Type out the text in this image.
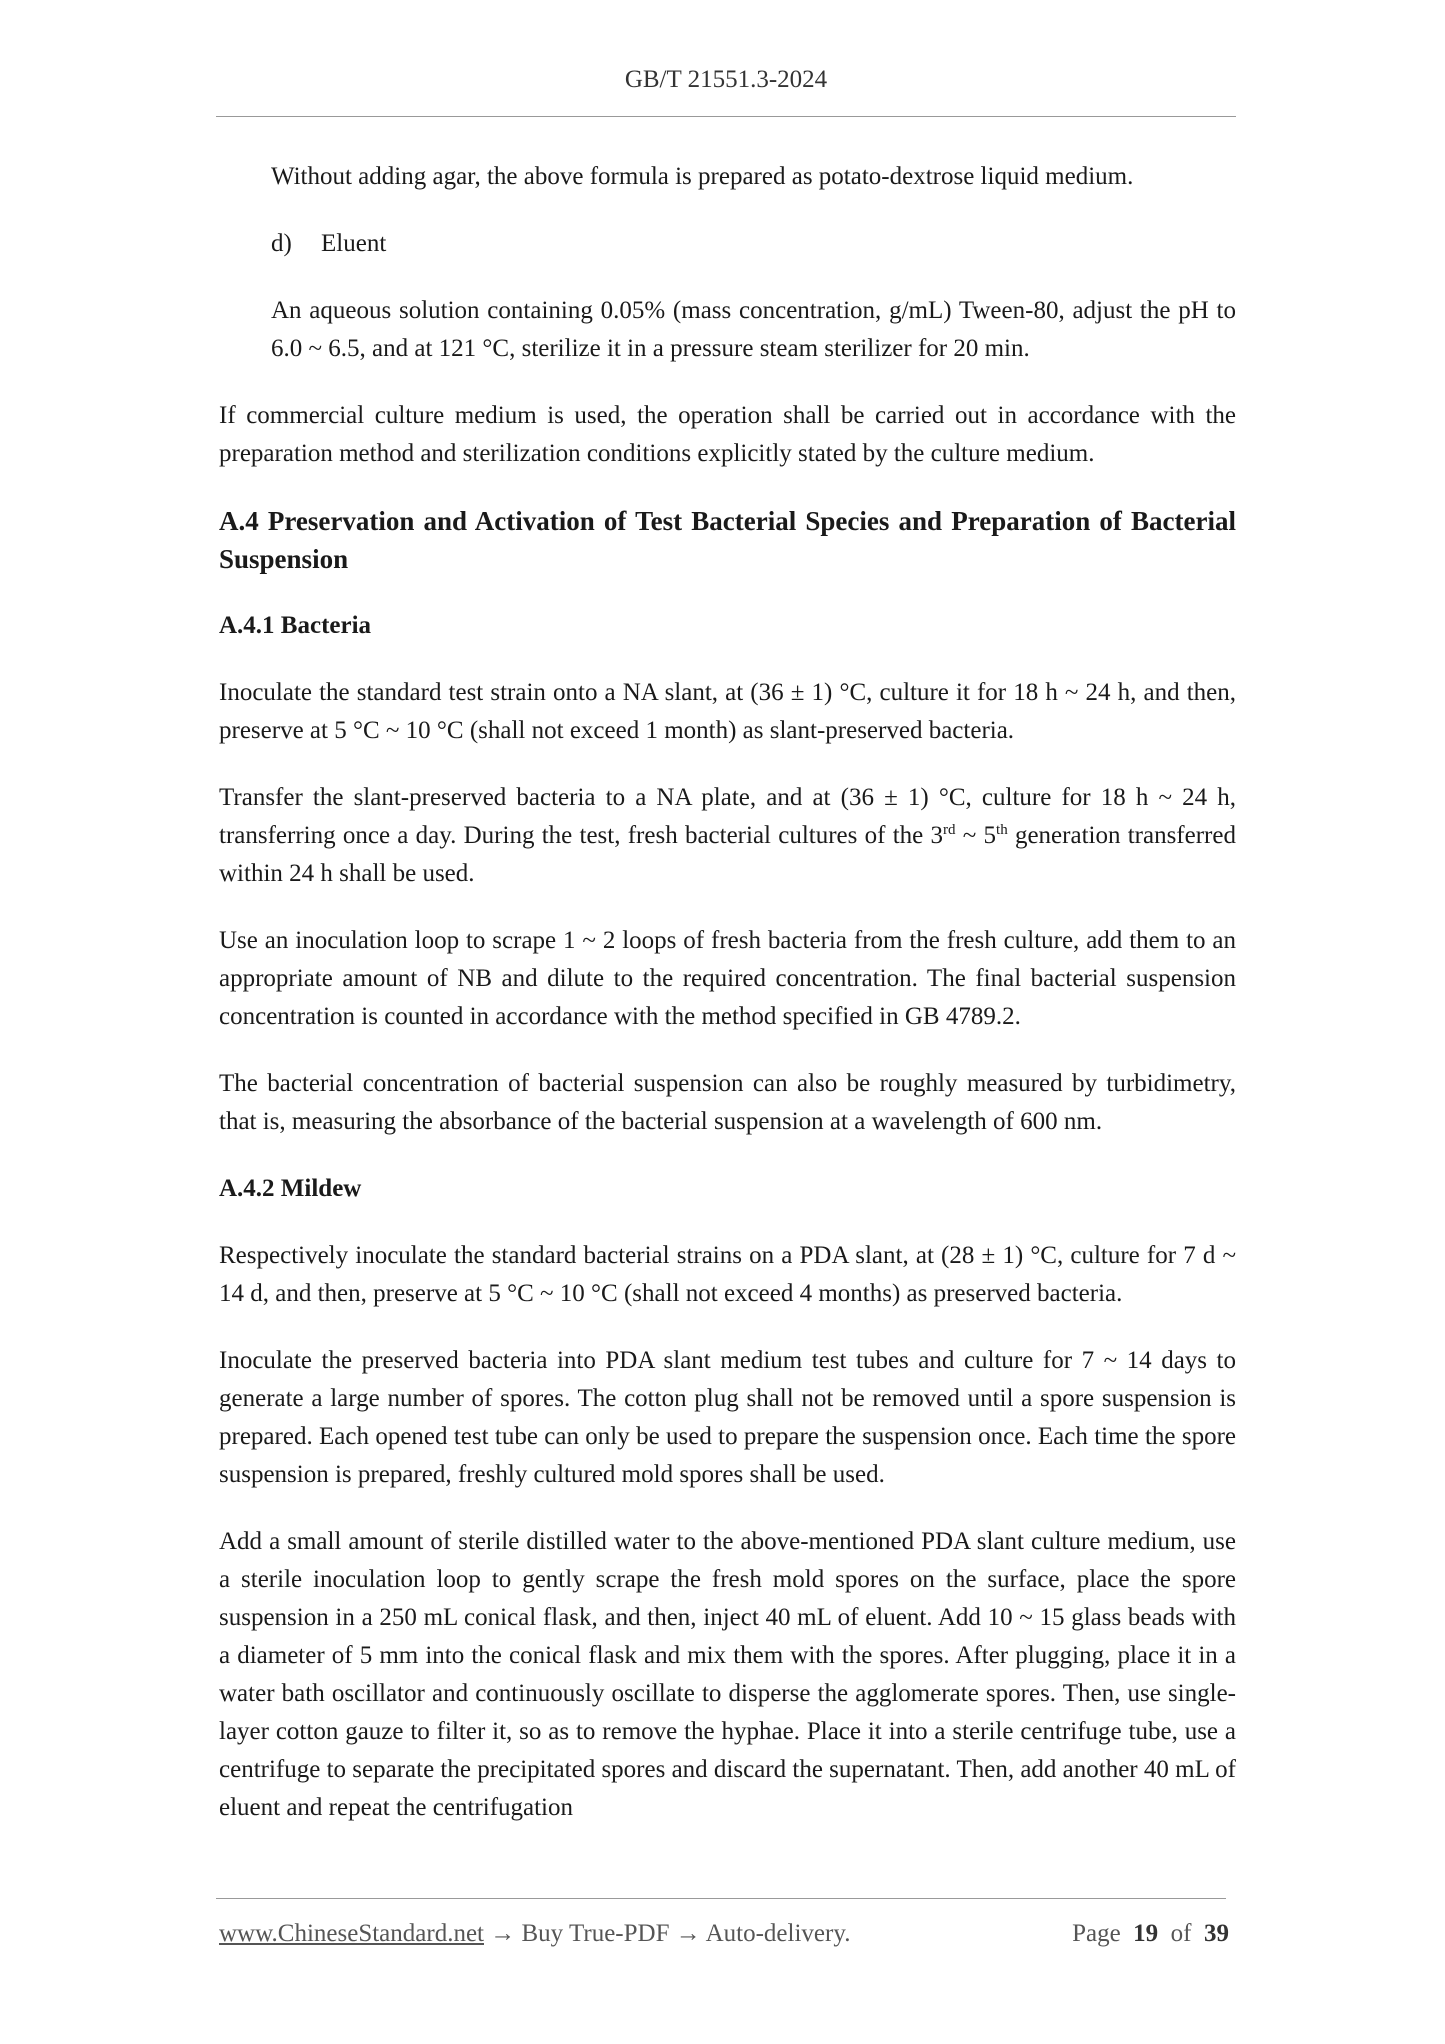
GB/T 21551.3-2024

Without adding agar, the above formula is prepared as potato-dextrose liquid medium.

d) Eluent

An aqueous solution containing 0.05% (mass concentration, g/mL) Tween-80, adjust the pH to 6.0 ~ 6.5, and at 121 °C, sterilize it in a pressure steam sterilizer for 20 min.

If commercial culture medium is used, the operation shall be carried out in accordance with the preparation method and sterilization conditions explicitly stated by the culture medium.

A.4 Preservation and Activation of Test Bacterial Species and Preparation of Bacterial Suspension
A.4.1 Bacteria

Inoculate the standard test strain onto a NA slant, at (36 ± 1) °C, culture it for 18 h ~ 24 h, and then, preserve at 5 °C ~ 10 °C (shall not exceed 1 month) as slant-preserved bacteria.

Transfer the slant-preserved bacteria to a NA plate, and at (36 ± 1) °C, culture for 18 h ~ 24 h, transferring once a day. During the test, fresh bacterial cultures of the 3rd ~ 5th generation transferred within 24 h shall be used.

Use an inoculation loop to scrape 1 ~ 2 loops of fresh bacteria from the fresh culture, add them to an appropriate amount of NB and dilute to the required concentration. The final bacterial suspension concentration is counted in accordance with the method specified in GB 4789.2.

The bacterial concentration of bacterial suspension can also be roughly measured by turbidimetry, that is, measuring the absorbance of the bacterial suspension at a wavelength of 600 nm.

A.4.2 Mildew

Respectively inoculate the standard bacterial strains on a PDA slant, at (28 ± 1) °C, culture for 7 d ~ 14 d, and then, preserve at 5 °C ~ 10 °C (shall not exceed 4 months) as preserved bacteria.

Inoculate the preserved bacteria into PDA slant medium test tubes and culture for 7 ~ 14 days to generate a large number of spores. The cotton plug shall not be removed until a spore suspension is prepared. Each opened test tube can only be used to prepare the suspension once. Each time the spore suspension is prepared, freshly cultured mold spores shall be used.

Add a small amount of sterile distilled water to the above-mentioned PDA slant culture medium, use a sterile inoculation loop to gently scrape the fresh mold spores on the surface, place the spore suspension in a 250 mL conical flask, and then, inject 40 mL of eluent. Add 10 ~ 15 glass beads with a diameter of 5 mm into the conical flask and mix them with the spores. After plugging, place it in a water bath oscillator and continuously oscillate to disperse the agglomerate spores. Then, use single-layer cotton gauze to filter it, so as to remove the hyphae. Place it into a sterile centrifuge tube, use a centrifuge to separate the precipitated spores and discard the supernatant. Then, add another 40 mL of eluent and repeat the centrifugation

www.ChineseStandard.net → Buy True-PDF → Auto-delivery.	Page 19 of 39
